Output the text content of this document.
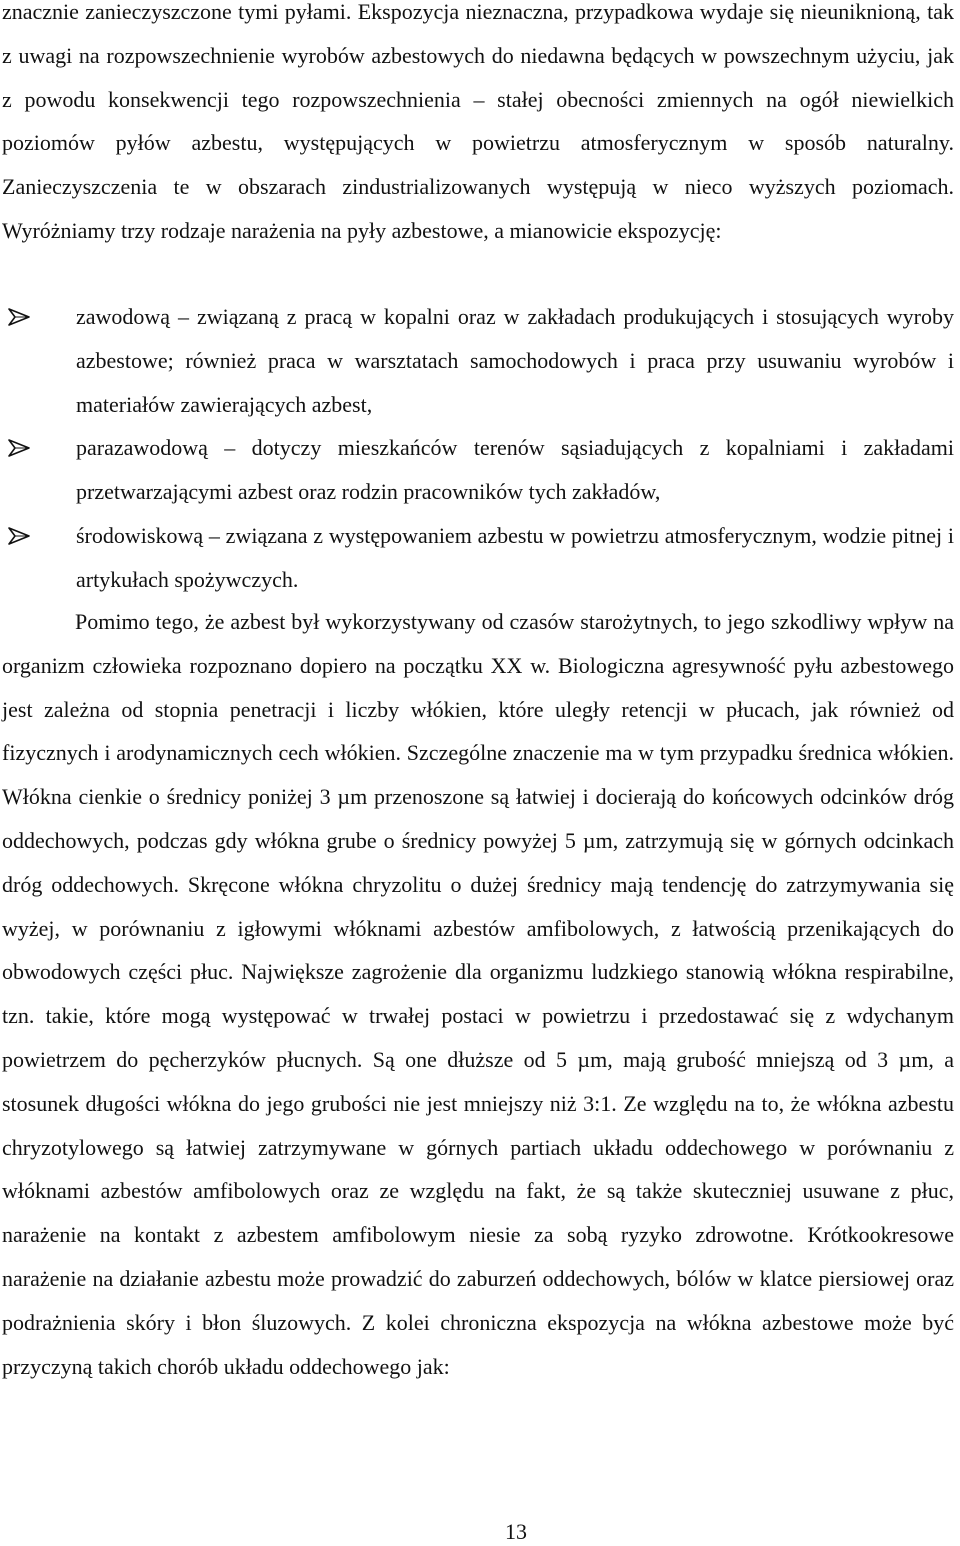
znacznie zanieczyszczone tymi pyłami. Ekspozycja nieznaczna, przypadkowa wydaje się nieuniknioną, tak z uwagi na rozpowszechnienie wyrobów azbestowych do niedawna będących w powszechnym użyciu, jak z powodu konsekwencji tego rozpowszechnienia – stałej obecności zmiennych na ogół niewielkich poziomów pyłów azbestu, występujących w powietrzu atmosferycznym w sposób naturalny. Zanieczyszczenia te w obszarach zindustrializowanych występują w nieco wyższych poziomach. Wyróżniamy trzy rodzaje narażenia na pyły azbestowe, a mianowicie ekspozycję:

zawodową – związaną z pracą w kopalni oraz w zakładach produkujących i stosujących wyroby azbestowe; również praca w warsztatach samochodowych i praca przy usuwaniu wyrobów i materiałów zawierających azbest,
parazawodową – dotyczy mieszkańców terenów sąsiadujących z kopalniami i zakładami przetwarzającymi azbest oraz rodzin pracowników tych zakładów,
środowiskową – związana z występowaniem azbestu w powietrzu atmosferycznym, wodzie pitnej i artykułach spożywczych.

Pomimo tego, że azbest był wykorzystywany od czasów starożytnych, to jego szkodliwy wpływ na organizm człowieka rozpoznano dopiero na początku XX w. Biologiczna agresywność pyłu azbestowego jest zależna od stopnia penetracji i liczby włókien, które uległy retencji w płucach, jak również od fizycznych i arodynamicznych cech włókien. Szczególne znaczenie ma w tym przypadku średnica włókien. Włókna cienkie o średnicy poniżej 3 µm przenoszone są łatwiej i docierają do końcowych odcinków dróg oddechowych, podczas gdy włókna grube o średnicy powyżej 5 µm, zatrzymują się w górnych odcinkach dróg oddechowych. Skręcone włókna chryzolitu o dużej średnicy mają tendencję do zatrzymywania się wyżej, w porównaniu z igłowymi włóknami azbestów amfibolowych, z łatwością przenikających do obwodowych części płuc. Największe zagrożenie dla organizmu ludzkiego stanowią włókna respirabilne, tzn. takie, które mogą występować w trwałej postaci w powietrzu i przedostawać się z wdychanym powietrzem do pęcherzyków płucnych. Są one dłuższe od 5 µm, mają grubość mniejszą od 3 µm, a stosunek długości włókna do jego grubości nie jest mniejszy niż 3:1. Ze względu na to, że włókna azbestu chryzotylowego są łatwiej zatrzymywane w górnych partiach układu oddechowego w porównaniu z włóknami azbestów amfibolowych oraz ze względu na fakt, że są także skuteczniej usuwane z płuc, narażenie na kontakt z azbestem amfibolowym niesie za sobą ryzyko zdrowotne. Krótkookresowe narażenie na działanie azbestu może prowadzić do zaburzeń oddechowych, bólów w klatce piersiowej oraz podrażnienia skóry i błon śluzowych. Z kolei chroniczna ekspozycja na włókna azbestowe może być przyczyną takich chorób układu oddechowego jak:

13
